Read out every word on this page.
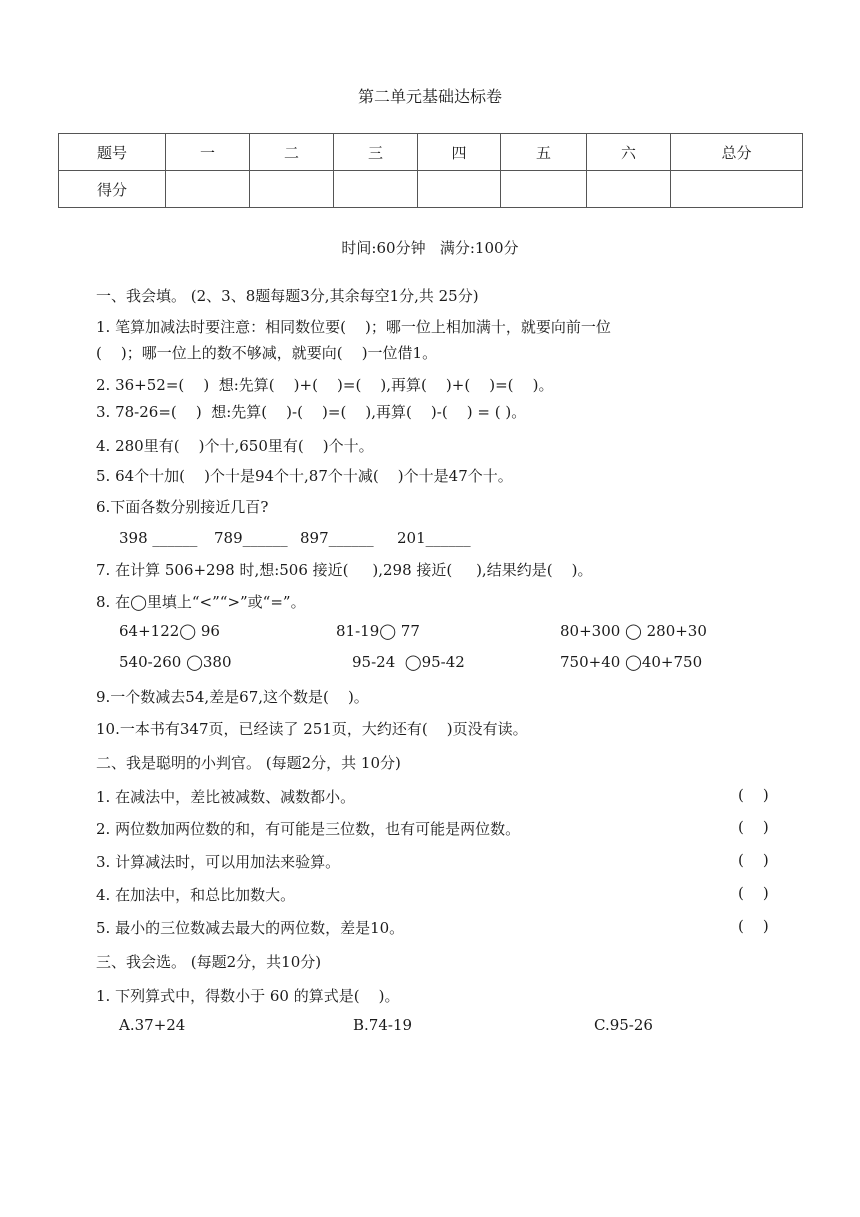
第二单元基础达标卷
题号	一	二	三	四	五	六	总分
得分							
时间:60分钟   满分:100分
一、我会填。 (2、3、8题每题3分,其余每空1分,共 25分)
1. 笔算加减法时要注意：相同数位要(    )；哪一位上相加满十，就要向前一位
(    )；哪一位上的数不够减，就要向(    )一位借1。
2. 36+52=(    )  想:先算(    )+(    )=(    ),再算(    )+(    )=(    )。
3. 78-26=(    )  想:先算(    )-(    )=(    ),再算(    )-(    ) = ( )。
4. 280里有(    )个十,650里有(    )个十。
5. 64个十加(    )个十是94个十,87个十减(    )个十是47个十。
6.下面各数分别接近几百?
398 ______ 789______ 897______ 201______
7. 在计算 506+298 时,想:506 接近(     ),298 接近(     ),结果约是(    )。
8. 在◯里填上“<”“>”或“=”。
64+122◯ 96	81-19◯ 77	80+300 ◯ 280+30
540-260 ◯380	95-24  ◯95-42	750+40 ◯40+750
9.一个数减去54,差是67,这个数是(    )。
10.一本书有347页，已经读了 251页，大约还有(    )页没有读。
二、我是聪明的小判官。 (每题2分，共 10分)
1. 在减法中，差比被减数、减数都小。	(    )
2. 两位数加两位数的和，有可能是三位数，也有可能是两位数。	(    )
3. 计算减法时，可以用加法来验算。	(    )
4. 在加法中，和总比加数大。	(    )
5. 最小的三位数减去最大的两位数，差是10。	(    )
三、我会选。 (每题2分，共10分)
1. 下列算式中，得数小于 60 的算式是(    )。
A.37+24	B.74-19	C.95-26
